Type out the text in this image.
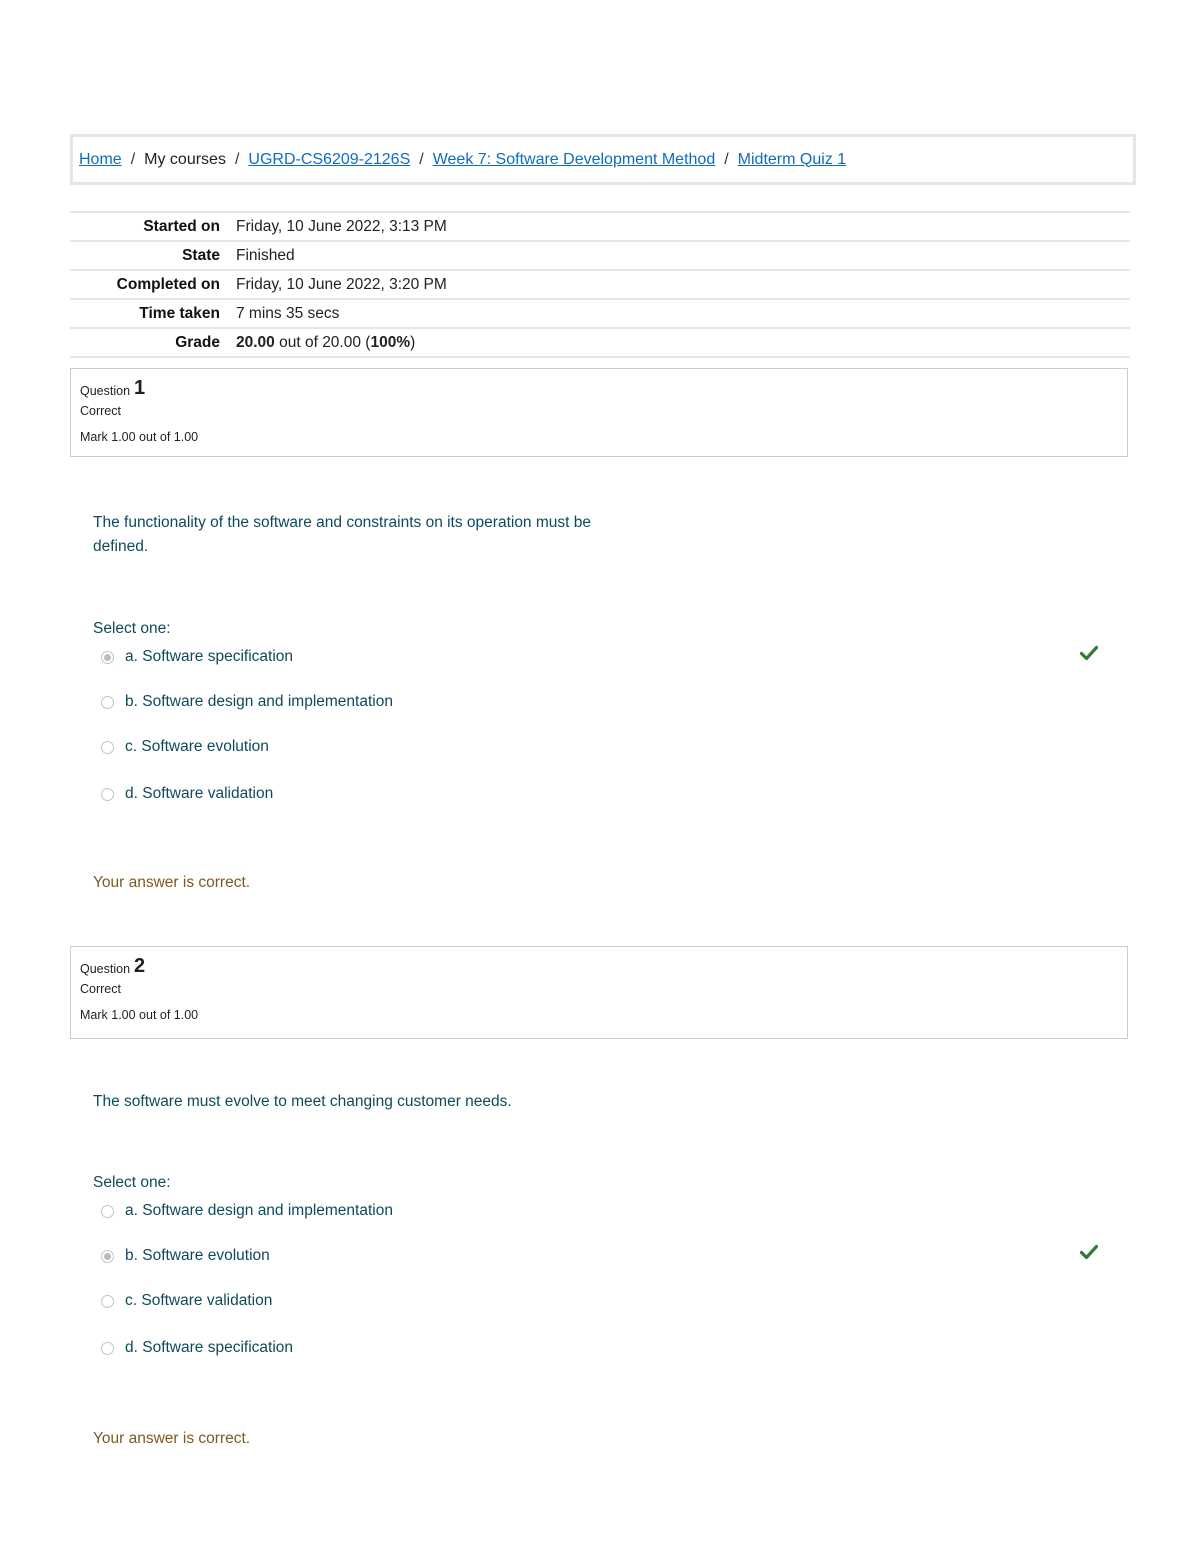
Home / My courses / UGRD-CS6209-2126S / Week 7: Software Development Method / Midterm Quiz 1
Started on	Friday, 10 June 2022, 3:13 PM
State	Finished
Completed on	Friday, 10 June 2022, 3:20 PM
Time taken	7 mins 35 secs
Grade	20.00 out of 20.00 (100%)
Question 1
Correct
Mark 1.00 out of 1.00
The functionality of the software and constraints on its operation must be defined.
Select one:
a. Software specification
b. Software design and implementation
c. Software evolution
d. Software validation
Your answer is correct.
Question 2
Correct
Mark 1.00 out of 1.00
The software must evolve to meet changing customer needs.
Select one:
a. Software design and implementation
b. Software evolution
c. Software validation
d. Software specification
Your answer is correct.
